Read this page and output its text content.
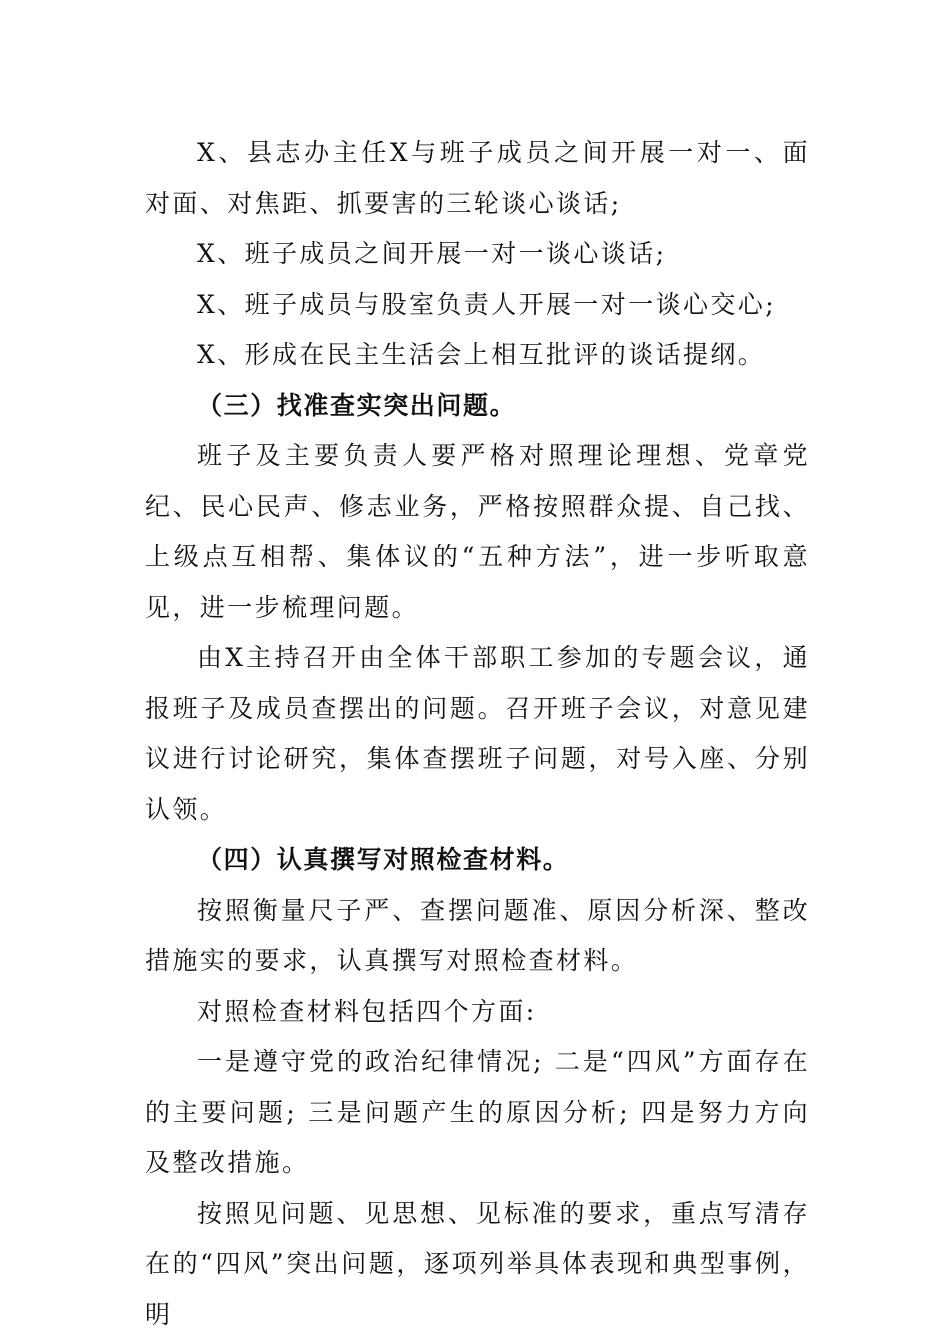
X、县志办主任X与班子成员之间开展一对一、面对面、对焦距、抓要害的三轮谈心谈话;

X、班子成员之间开展一对一谈心谈话;

X、班子成员与股室负责人开展一对一谈心交心;

X、形成在民主生活会上相互批评的谈话提纲。

（三）找准查实突出问题。

班子及主要负责人要严格对照理论理想、党章党纪、民心民声、修志业务，严格按照群众提、自己找、上级点互相帮、集体议的“五种方法”，进一步听取意见，进一步梳理问题。

由X主持召开由全体干部职工参加的专题会议，通报班子及成员查摆出的问题。召开班子会议，对意见建议进行讨论研究，集体查摆班子问题，对号入座、分别认领。

（四）认真撰写对照检查材料。

按照衡量尺子严、查摆问题准、原因分析深、整改措施实的要求，认真撰写对照检查材料。

对照检查材料包括四个方面:

一是遵守党的政治纪律情况; 二是“四风”方面存在的主要问题; 三是问题产生的原因分析; 四是努力方向及整改措施。

按照见问题、见思想、见标准的要求，重点写清存在的“四风”突出问题，逐项列举具体表现和典型事例，明
